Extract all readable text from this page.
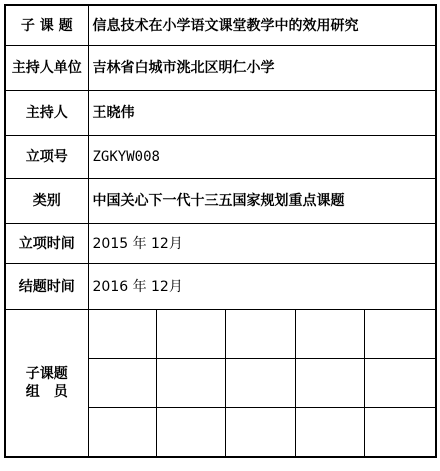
子 课 题	信息技术在小学语文课堂教学中的效用研究				
主持人单位	吉林省白城市洮北区明仁小学				
主持人	王晓伟				
立项号	ZGKYW008				
类别	中国关心下一代十三五国家规划重点课题				
立项时间	2015 年 12月				
结题时间	2016 年 12月				
子课题
组　员					
